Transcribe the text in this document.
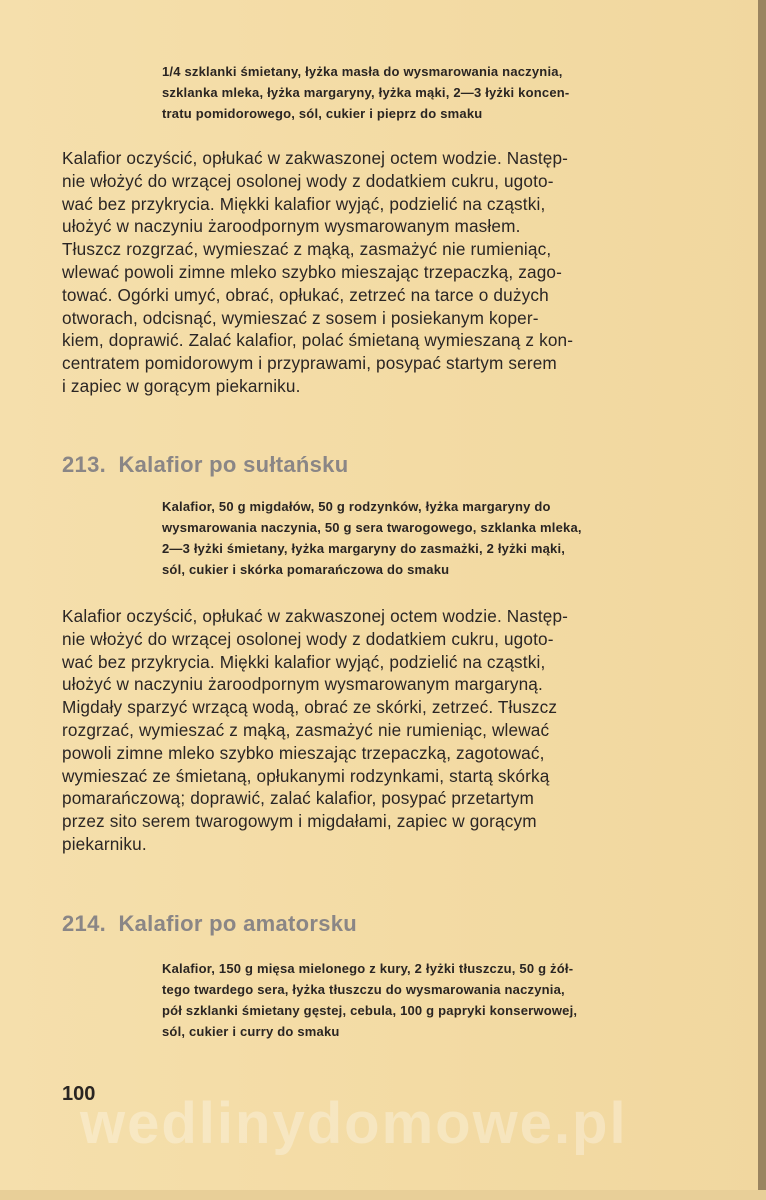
1/4 szklanki śmietany, łyżka masła do wysmarowania naczynia,
szklanka mleka, łyżka margaryny, łyżka mąki, 2—3 łyżki koncen-
tratu pomidorowego, sól, cukier i pieprz do smaku
Kalafior oczyścić, opłukać w zakwaszonej octem wodzie. Następ-
nie włożyć do wrzącej osolonej wody z dodatkiem cukru, ugoto-
wać bez przykrycia. Miękki kalafior wyjąć, podzielić na cząstki,
ułożyć w naczyniu żaroodpornym wysmarowanym masłem.
Tłuszcz rozgrzać, wymieszać z mąką, zasmażyć nie rumieniąc,
wlewać powoli zimne mleko szybko mieszając trzepaczką, zago-
tować. Ogórki umyć, obrać, opłukać, zetrzeć na tarce o dużych
otworach, odcisnąć, wymieszać z sosem i posiekanym koper-
kiem, doprawić. Zalać kalafior, polać śmietaną wymieszaną z kon-
centratem pomidorowym i przyprawami, posypać startym serem
i zapiec w gorącym piekarniku.
213. Kalafior po sułtańsku
Kalafior, 50 g migdałów, 50 g rodzynków, łyżka margaryny do
wysmarowania naczynia, 50 g sera twarogowego, szklanka mleka,
2—3 łyżki śmietany, łyżka margaryny do zasmażki, 2 łyżki mąki,
sól, cukier i skórka pomarańczowa do smaku
Kalafior oczyścić, opłukać w zakwaszonej octem wodzie. Następ-
nie włożyć do wrzącej osolonej wody z dodatkiem cukru, ugoto-
wać bez przykrycia. Miękki kalafior wyjąć, podzielić na cząstki,
ułożyć w naczyniu żaroodpornym wysmarowanym margaryną.
Migdały sparzyć wrzącą wodą, obrać ze skórki, zetrzeć. Tłuszcz
rozgrzać, wymieszać z mąką, zasmażyć nie rumieniąc, wlewać
powoli zimne mleko szybko mieszając trzepaczką, zagotować,
wymieszać ze śmietaną, opłukanymi rodzynkami, startą skórką
pomarańczową; doprawić, zalać kalafior, posypać przetartym
przez sito serem twarogowym i migdałami, zapiec w gorącym
piekarniku.
214. Kalafior po amatorsku
Kalafior, 150 g mięsa mielonego z kury, 2 łyżki tłuszczu, 50 g żół-
tego twardego sera, łyżka tłuszczu do wysmarowania naczynia,
pół szklanki śmietany gęstej, cebula, 100 g papryki konserwowej,
sól, cukier i curry do smaku
wedlinydomowe.pl
100
